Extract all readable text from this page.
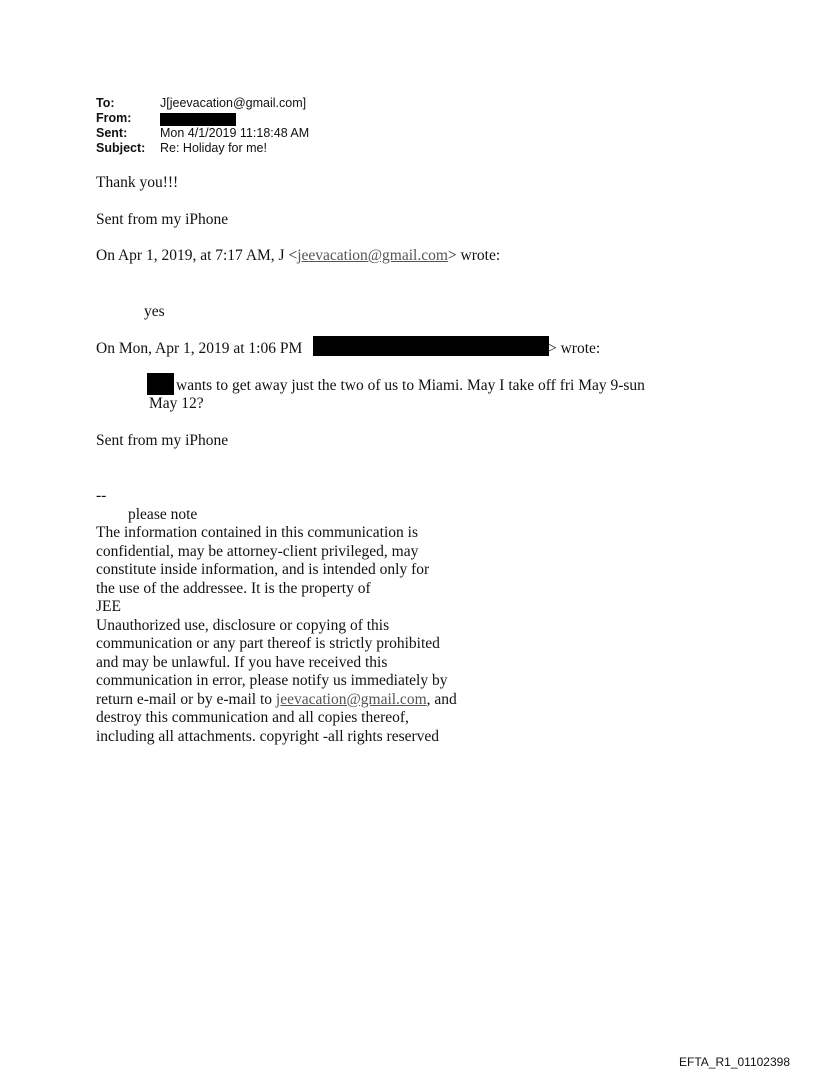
To:	J[jeevacation@gmail.com]
From:
Sent:	Mon 4/1/2019 11:18:48 AM
Subject: Re: Holiday for me!
Thank you!!!
Sent from my iPhone
On Apr 1, 2019, at 7:17 AM, J <jeevacation@gmail.com> wrote:
yes
On Mon, Apr 1, 2019 at 1:06 PM	> wrote:
wants to get away just the two of us to Miami. May I take off fri May 9-sun
May 12?
Sent from my iPhone
--
please note
The information contained in this communication is
confidential, may be attorney-client privileged, may
constitute inside information, and is intended only for
the use of the addressee. It is the property of
JEE
Unauthorized use, disclosure or copying of this
communication or any part thereof is strictly prohibited
and may be unlawful. If you have received this
communication in error, please notify us immediately by
return e-mail or by e-mail to jeevacation@gmail.com, and
destroy this communication and all copies thereof,
including all attachments. copyright -all rights reserved
EFTA_R1_01102398
